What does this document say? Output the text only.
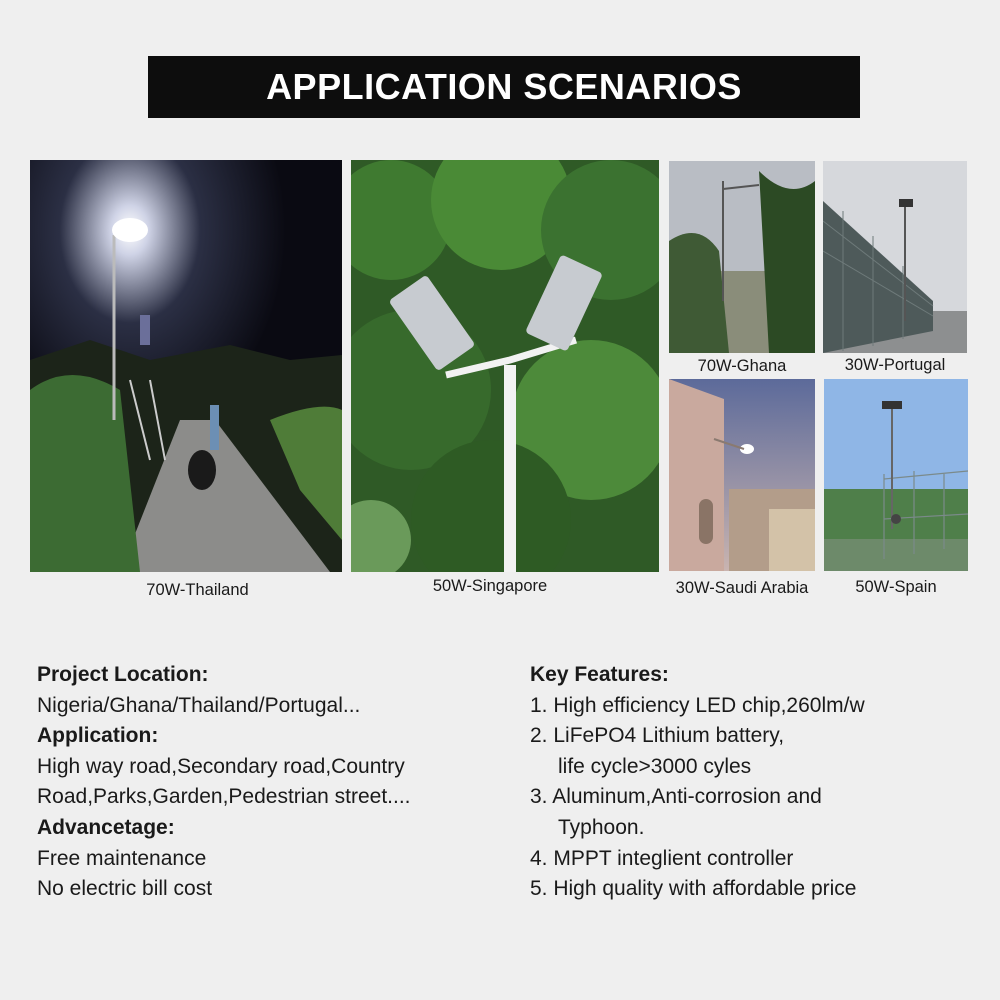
APPLICATION SCENARIOS
70W-Thailand	50W-Singapore
70W-Ghana	30W-Portugal
30W-Saudi Arabia	50W-Spain
Project Location:
Nigeria/Ghana/Thailand/Portugal...
Application:
High way road,Secondary road,Country
Road,Parks,Garden,Pedestrian street....
Advancetage:
Free maintenance
No electric bill cost
Key Features:
1. High efficiency LED chip,260lm/w
2. LiFePO4 Lithium battery,
life cycle>3000 cyles
3. Aluminum,Anti-corrosion and
Typhoon.
4. MPPT integlient controller
5. High quality with affordable price
